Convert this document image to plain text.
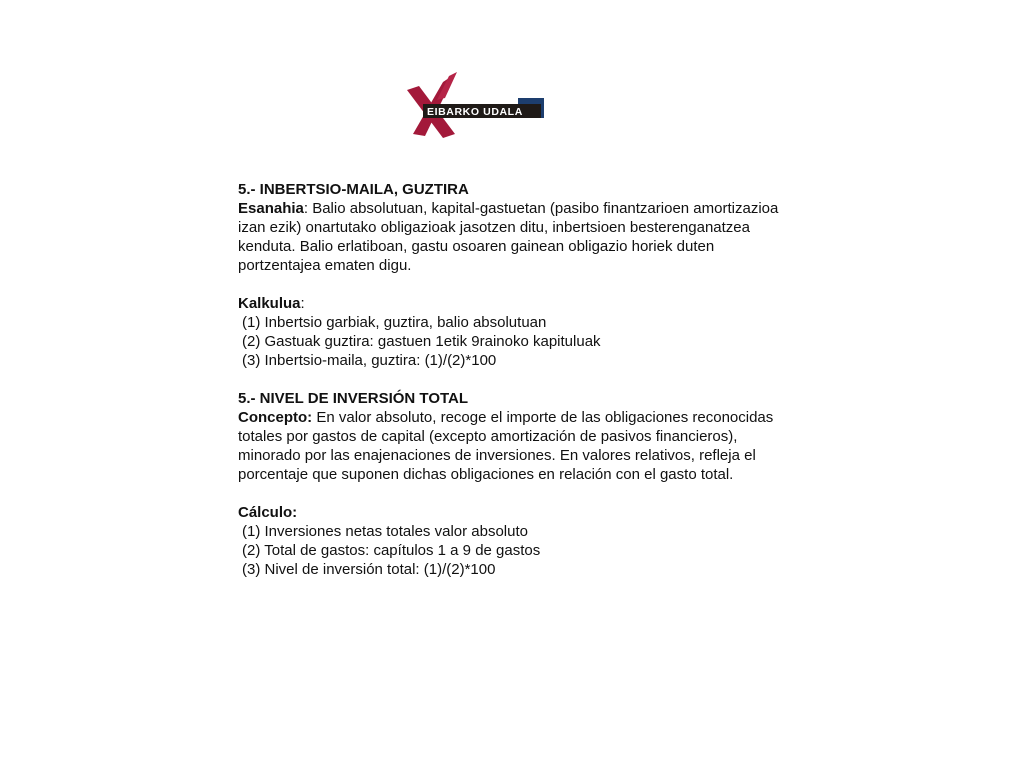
EIBARKO UDALA

5.- INBERTSIO-MAILA, GUZTIRA

Esanahia: Balio absolutuan, kapital-gastuetan (pasibo finantzarioen amortizazioa izan ezik) onartutako obligazioak jasotzen ditu, inbertsioen besterenganatzea kenduta. Balio erlatiboan, gastu osoaren gainean obligazio horiek duten portzentajea ematen digu.

Kalkulua:

(1) Inbertsio garbiak, guztira, balio absolutuan

(2) Gastuak guztira: gastuen 1etik 9rainoko kapituluak

(3) Inbertsio-maila, guztira: (1)/(2)*100

5.- NIVEL DE INVERSIÓN TOTAL

Concepto: En valor absoluto, recoge el importe de las obligaciones reconocidas totales por gastos de capital (excepto amortización de pasivos financieros), minorado por las enajenaciones de inversiones. En valores relativos, refleja el porcentaje que suponen dichas obligaciones en relación con el gasto total.

Cálculo:

(1) Inversiones netas totales valor absoluto

(2) Total de gastos: capítulos 1 a 9 de gastos

(3) Nivel de inversión total: (1)/(2)*100
